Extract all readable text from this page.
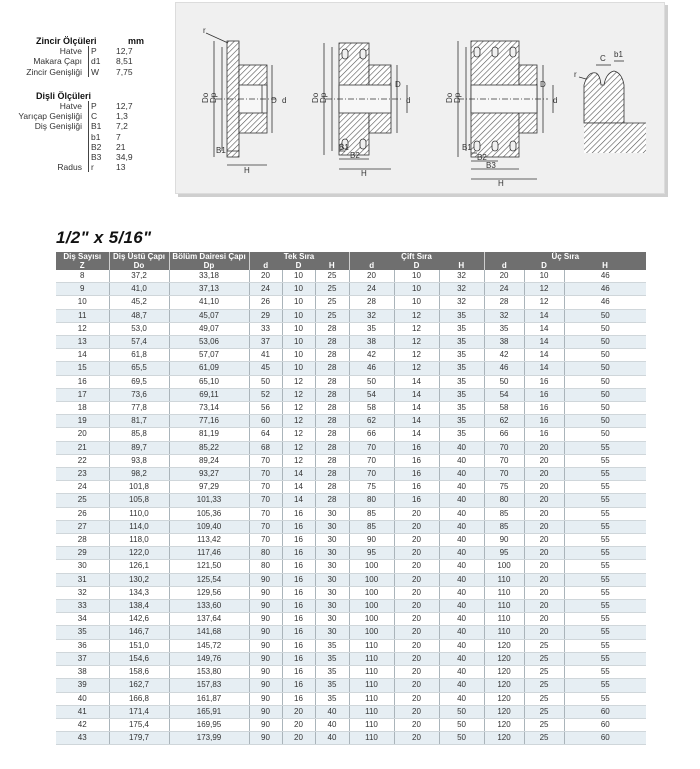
Zincir Ölçüleri	mm
Hatve	P	12,7
Makara Çapı	d1 8,51
Zincir Genişliği	W	7,75
Dişli Ölçüleri
Hatve	P	12,7
Yarıçap Genişliği	C	1,3
Diş Genişliği	B1 7,2
b1 7
B2 21
B3 34,9
Radus	r	13
r
Do Dp	D d
B1
H
Do Dp
D
d
B1
B2
H
Do Dp
D
d
B1
B2
B3
H
C b1
r
1/2" x 5/16"
Diş Sayısı	Diş Üstü Çapı	Bölüm Dairesi Çapı	Tek Sıra			Çift Sıra			Üç Sıra		
Z	Do	Dp	d	D	H	d	D	H	d	D	H
8	37,2	33,18	20	10	25	20	10	32	20	10	46
9	41,0	37,13	24	10	25	24	10	32	24	12	46
10	45,2	41,10	26	10	25	28	10	32	28	12	46
11	48,7	45,07	29	10	25	32	12	35	32	14	50
12	53,0	49,07	33	10	28	35	12	35	35	14	50
13	57,4	53,06	37	10	28	38	12	35	38	14	50
14	61,8	57,07	41	10	28	42	12	35	42	14	50
15	65,5	61,09	45	10	28	46	12	35	46	14	50
16	69,5	65,10	50	12	28	50	14	35	50	16	50
17	73,6	69,11	52	12	28	54	14	35	54	16	50
18	77,8	73,14	56	12	28	58	14	35	58	16	50
19	81,7	77,16	60	12	28	62	14	35	62	16	50
20	85,8	81,19	64	12	28	66	14	35	66	16	50
21	89,7	85,22	68	12	28	70	16	40	70	20	55
22	93,8	89,24	70	12	28	70	16	40	70	20	55
23	98,2	93,27	70	14	28	70	16	40	70	20	55
24	101,8	97,29	70	14	28	75	16	40	75	20	55
25	105,8	101,33	70	14	28	80	16	40	80	20	55
26	110,0	105,36	70	16	30	85	20	40	85	20	55
27	114,0	109,40	70	16	30	85	20	40	85	20	55
28	118,0	113,42	70	16	30	90	20	40	90	20	55
29	122,0	117,46	80	16	30	95	20	40	95	20	55
30	126,1	121,50	80	16	30	100	20	40	100	20	55
31	130,2	125,54	90	16	30	100	20	40	110	20	55
32	134,3	129,56	90	16	30	100	20	40	110	20	55
33	138,4	133,60	90	16	30	100	20	40	110	20	55
34	142,6	137,64	90	16	30	100	20	40	110	20	55
35	146,7	141,68	90	16	30	100	20	40	110	20	55
36	151,0	145,72	90	16	35	110	20	40	120	25	55
37	154,6	149,76	90	16	35	110	20	40	120	25	55
38	158,6	153,80	90	16	35	110	20	40	120	25	55
39	162,7	157,83	90	16	35	110	20	40	120	25	55
40	166,8	161,87	90	16	35	110	20	40	120	25	55
41	171,4	165,91	90	20	40	110	20	50	120	25	60
42	175,4	169,95	90	20	40	110	20	50	120	25	60
43	179,7	173,99	90	20	40	110	20	50	120	25	60
